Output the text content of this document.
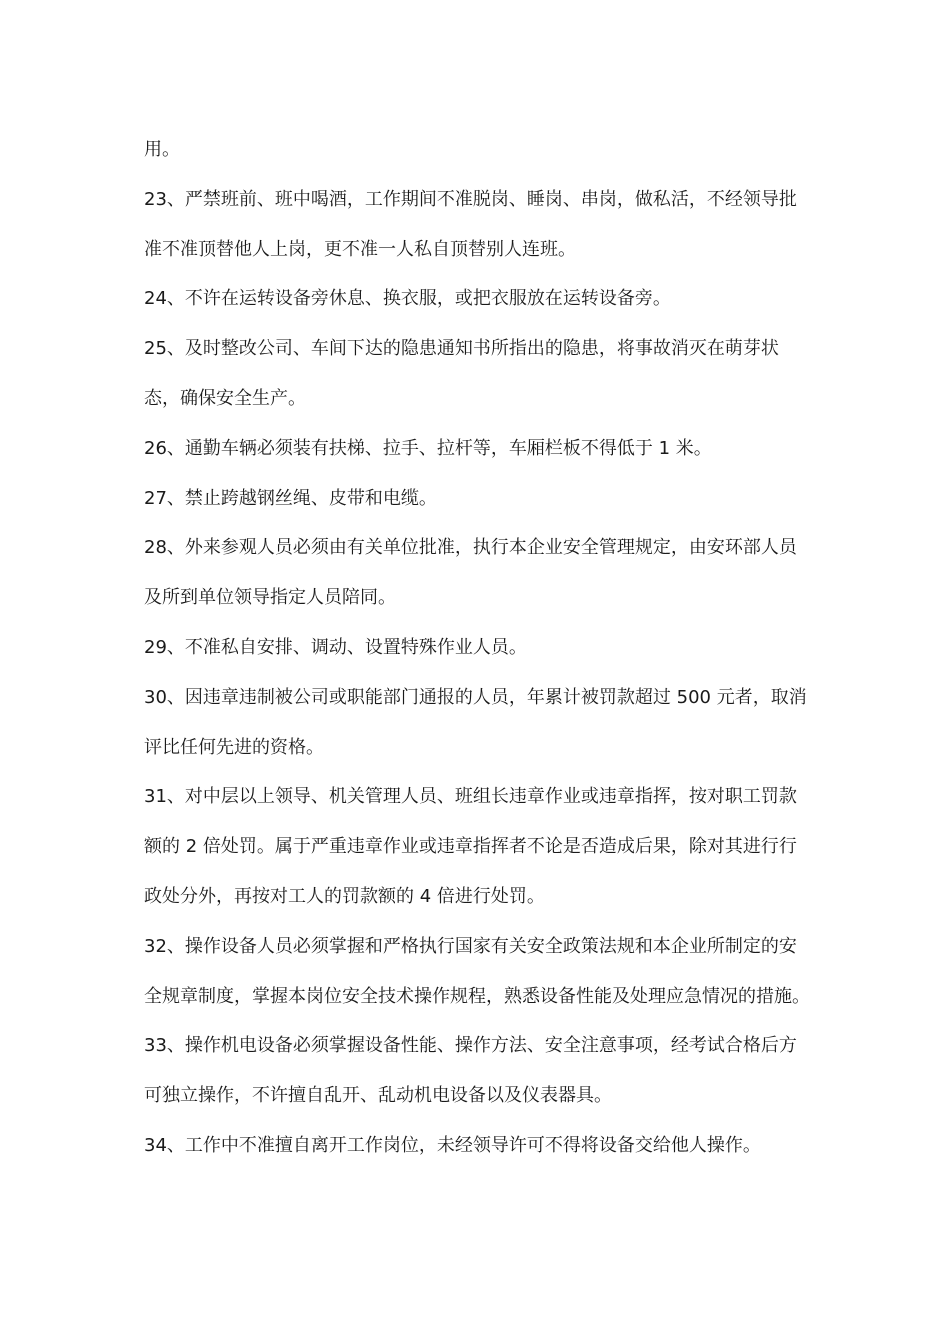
用。

23、严禁班前、班中喝酒，工作期间不准脱岗、睡岗、串岗，做私活，不经领导批准不准顶替他人上岗，更不准一人私自顶替别人连班。

24、不许在运转设备旁休息、换衣服，或把衣服放在运转设备旁。

25、及时整改公司、车间下达的隐患通知书所指出的隐患，将事故消灭在萌芽状态，确保安全生产。

26、通勤车辆必须装有扶梯、拉手、拉杆等，车厢栏板不得低于 1 米。

27、禁止跨越钢丝绳、皮带和电缆。

28、外来参观人员必须由有关单位批准，执行本企业安全管理规定，由安环部人员及所到单位领导指定人员陪同。

29、不准私自安排、调动、设置特殊作业人员。

30、因违章违制被公司或职能部门通报的人员，年累计被罚款超过 500 元者，取消评比任何先进的资格。

31、对中层以上领导、机关管理人员、班组长违章作业或违章指挥，按对职工罚款额的 2 倍处罚。属于严重违章作业或违章指挥者不论是否造成后果，除对其进行行政处分外，再按对工人的罚款额的 4 倍进行处罚。

32、操作设备人员必须掌握和严格执行国家有关安全政策法规和本企业所制定的安全规章制度，掌握本岗位安全技术操作规程，熟悉设备性能及处理应急情况的措施。

33、操作机电设备必须掌握设备性能、操作方法、安全注意事项，经考试合格后方可独立操作，不许擅自乱开、乱动机电设备以及仪表器具。

34、工作中不准擅自离开工作岗位，未经领导许可不得将设备交给他人操作。
